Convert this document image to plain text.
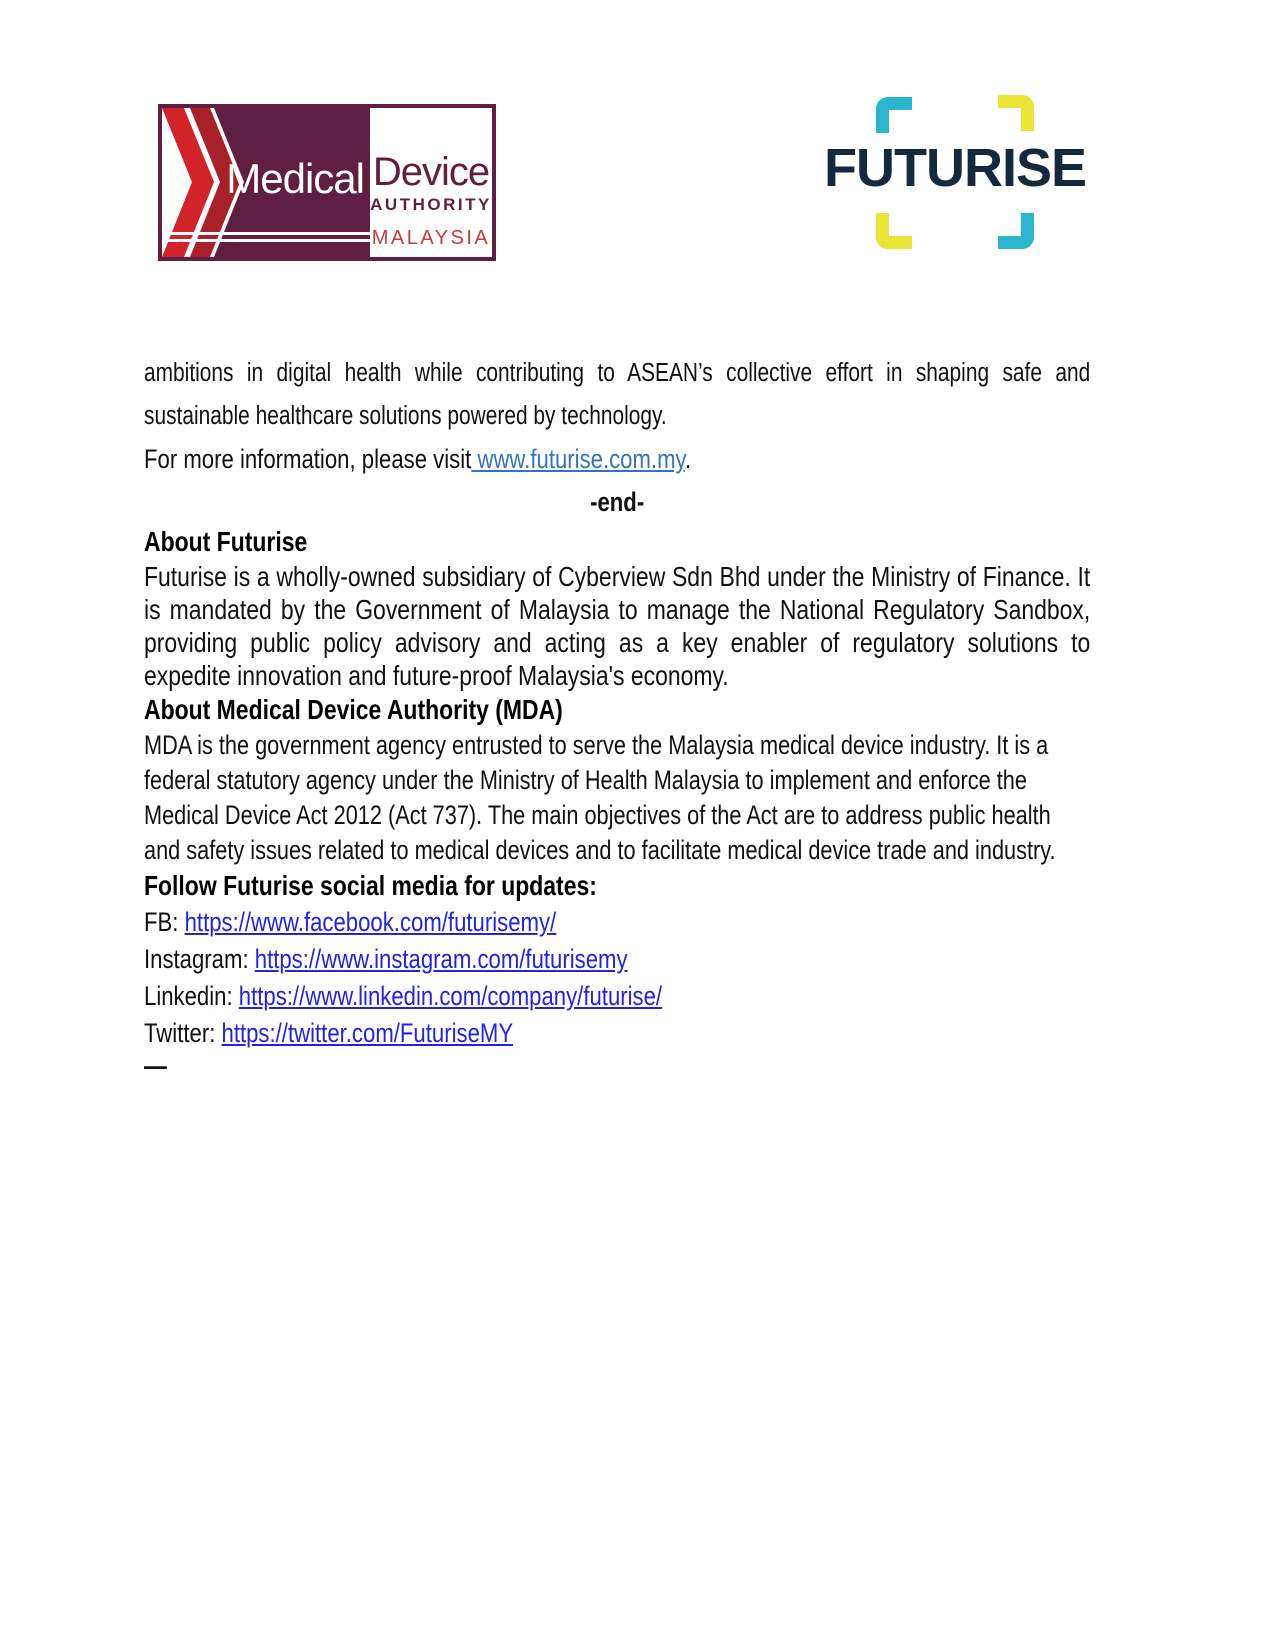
Medical Device
AUTHORITY
MALAYSIA
FUTURISE

ambitions in digital health while contributing to ASEAN’s collective effort in shaping safe and sustainable healthcare solutions powered by technology.

For more information, please visit www.futurise.com.my.

-end-
About Futurise

Futurise is a wholly-owned subsidiary of Cyberview Sdn Bhd under the Ministry of Finance. It is mandated by the Government of Malaysia to manage the National Regulatory Sandbox, providing public policy advisory and acting as a key enabler of regulatory solutions to expedite innovation and future-proof Malaysia's economy.

About Medical Device Authority (MDA)

MDA is the government agency entrusted to serve the Malaysia medical device industry. It is a federal statutory agency under the Ministry of Health Malaysia to implement and enforce the Medical Device Act 2012 (Act 737). The main objectives of the Act are to address public health and safety issues related to medical devices and to facilitate medical device trade and industry.

Follow Futurise social media for updates:
FB: https://www.facebook.com/futurisemy/
Instagram: https://www.instagram.com/futurisemy
Linkedin: https://www.linkedin.com/company/futurise/
Twitter: https://twitter.com/FuturiseMY
—
